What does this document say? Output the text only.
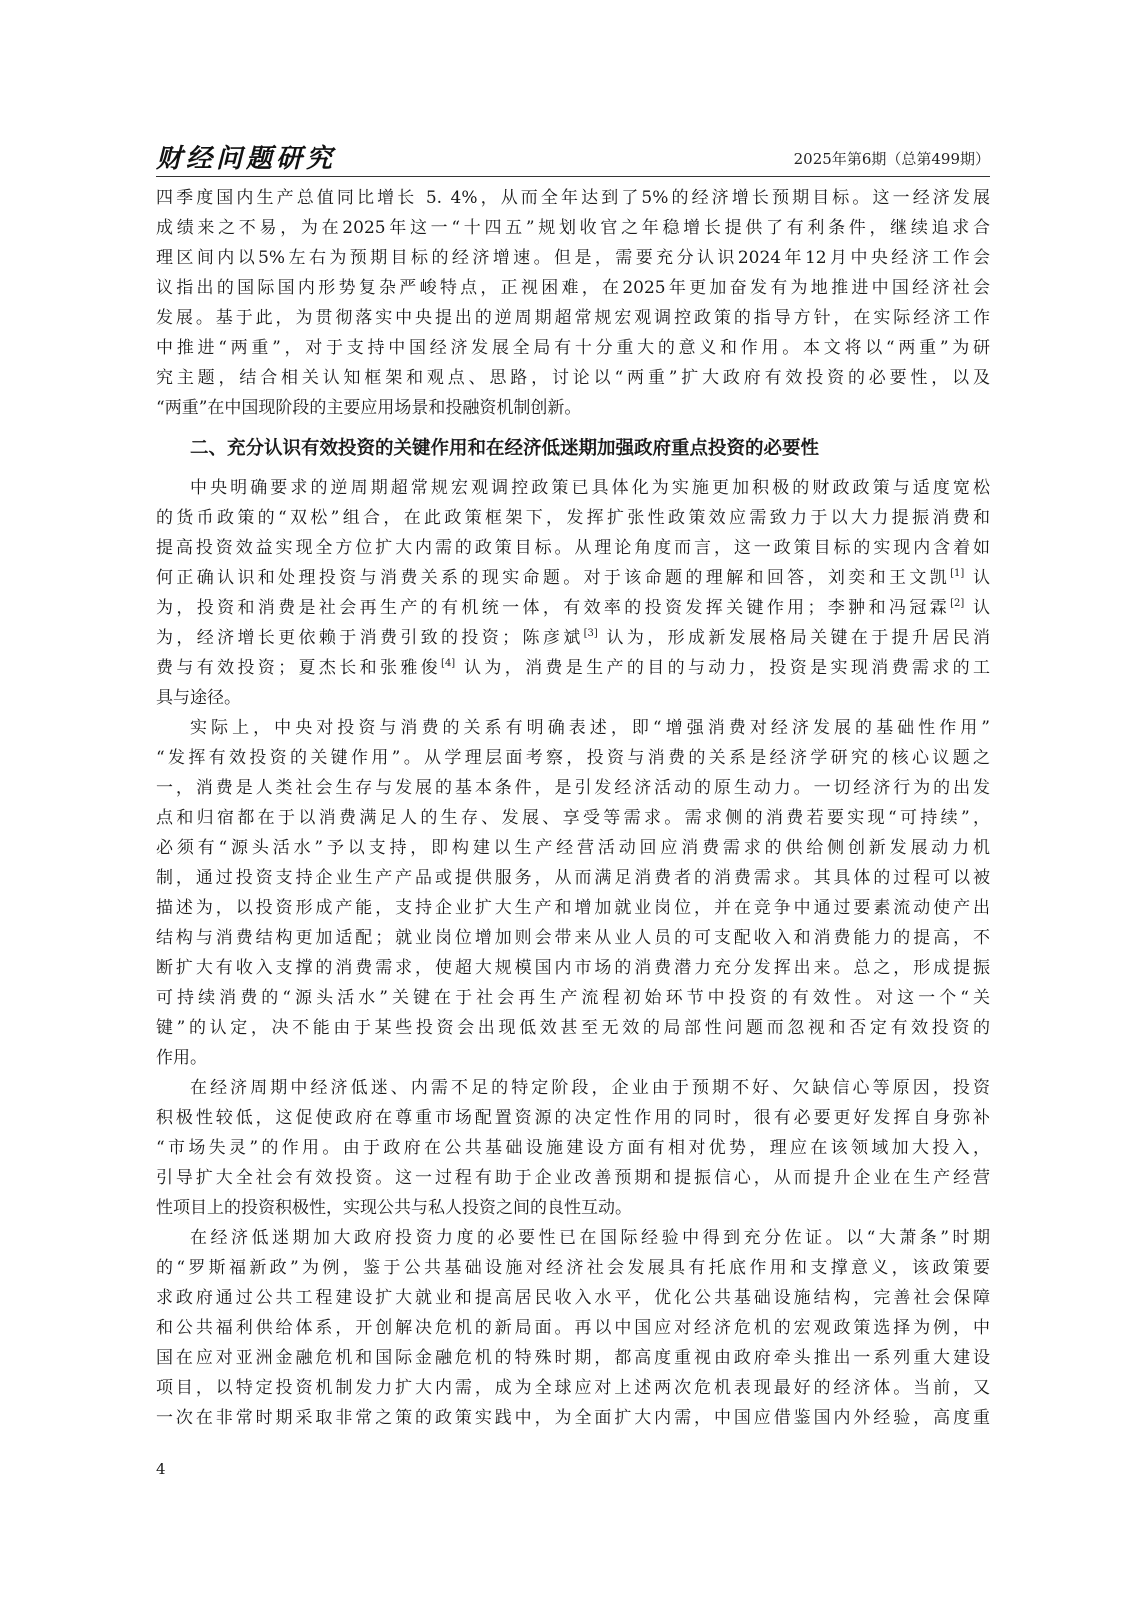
财经问题研究	2025年第6期（总第499期）
四季度国内生产总值同比增长 5. 4%，从而全年达到了5%的经济增长预期目标。这一经济发展
成绩来之不易，为在2025年这一“十四五”规划收官之年稳增长提供了有利条件，继续追求合
理区间内以5%左右为预期目标的经济增速。但是，需要充分认识2024年12月中央经济工作会
议指出的国际国内形势复杂严峻特点，正视困难，在2025年更加奋发有为地推进中国经济社会
发展。基于此，为贯彻落实中央提出的逆周期超常规宏观调控政策的指导方针，在实际经济工作
中推进“两重”，对于支持中国经济发展全局有十分重大的意义和作用。本文将以“两重”为研
究主题，结合相关认知框架和观点、思路，讨论以“两重”扩大政府有效投资的必要性，以及
“两重”在中国现阶段的主要应用场景和投融资机制创新。
二、充分认识有效投资的关键作用和在经济低迷期加强政府重点投资的必要性
中央明确要求的逆周期超常规宏观调控政策已具体化为实施更加积极的财政政策与适度宽松
的货币政策的“双松”组合，在此政策框架下，发挥扩张性政策效应需致力于以大力提振消费和
提高投资效益实现全方位扩大内需的政策目标。从理论角度而言，这一政策目标的实现内含着如
何正确认识和处理投资与消费关系的现实命题。对于该命题的理解和回答，刘奕和王文凯[1] 认
为，投资和消费是社会再生产的有机统一体，有效率的投资发挥关键作用；李翀和冯冠霖[2] 认
为，经济增长更依赖于消费引致的投资；陈彦斌[3] 认为，形成新发展格局关键在于提升居民消
费与有效投资；夏杰长和张雅俊[4] 认为，消费是生产的目的与动力，投资是实现消费需求的工
具与途径。
实际上，中央对投资与消费的关系有明确表述，即“增强消费对经济发展的基础性作用”
“发挥有效投资的关键作用”。从学理层面考察，投资与消费的关系是经济学研究的核心议题之
一，消费是人类社会生存与发展的基本条件，是引发经济活动的原生动力。一切经济行为的出发
点和归宿都在于以消费满足人的生存、发展、享受等需求。需求侧的消费若要实现“可持续”，
必须有“源头活水”予以支持，即构建以生产经营活动回应消费需求的供给侧创新发展动力机
制，通过投资支持企业生产产品或提供服务，从而满足消费者的消费需求。其具体的过程可以被
描述为，以投资形成产能，支持企业扩大生产和增加就业岗位，并在竞争中通过要素流动使产出
结构与消费结构更加适配；就业岗位增加则会带来从业人员的可支配收入和消费能力的提高，不
断扩大有收入支撑的消费需求，使超大规模国内市场的消费潜力充分发挥出来。总之，形成提振
可持续消费的“源头活水”关键在于社会再生产流程初始环节中投资的有效性。对这一个“关
键”的认定，决不能由于某些投资会出现低效甚至无效的局部性问题而忽视和否定有效投资的
作用。
在经济周期中经济低迷、内需不足的特定阶段，企业由于预期不好、欠缺信心等原因，投资
积极性较低，这促使政府在尊重市场配置资源的决定性作用的同时，很有必要更好发挥自身弥补
“市场失灵”的作用。由于政府在公共基础设施建设方面有相对优势，理应在该领域加大投入，
引导扩大全社会有效投资。这一过程有助于企业改善预期和提振信心，从而提升企业在生产经营
性项目上的投资积极性，实现公共与私人投资之间的良性互动。
在经济低迷期加大政府投资力度的必要性已在国际经验中得到充分佐证。以“大萧条”时期
的“罗斯福新政”为例，鉴于公共基础设施对经济社会发展具有托底作用和支撑意义，该政策要
求政府通过公共工程建设扩大就业和提高居民收入水平，优化公共基础设施结构，完善社会保障
和公共福利供给体系，开创解决危机的新局面。再以中国应对经济危机的宏观政策选择为例，中
国在应对亚洲金融危机和国际金融危机的特殊时期，都高度重视由政府牵头推出一系列重大建设
项目，以特定投资机制发力扩大内需，成为全球应对上述两次危机表现最好的经济体。当前，又
一次在非常时期采取非常之策的政策实践中，为全面扩大内需，中国应借鉴国内外经验，高度重
4
